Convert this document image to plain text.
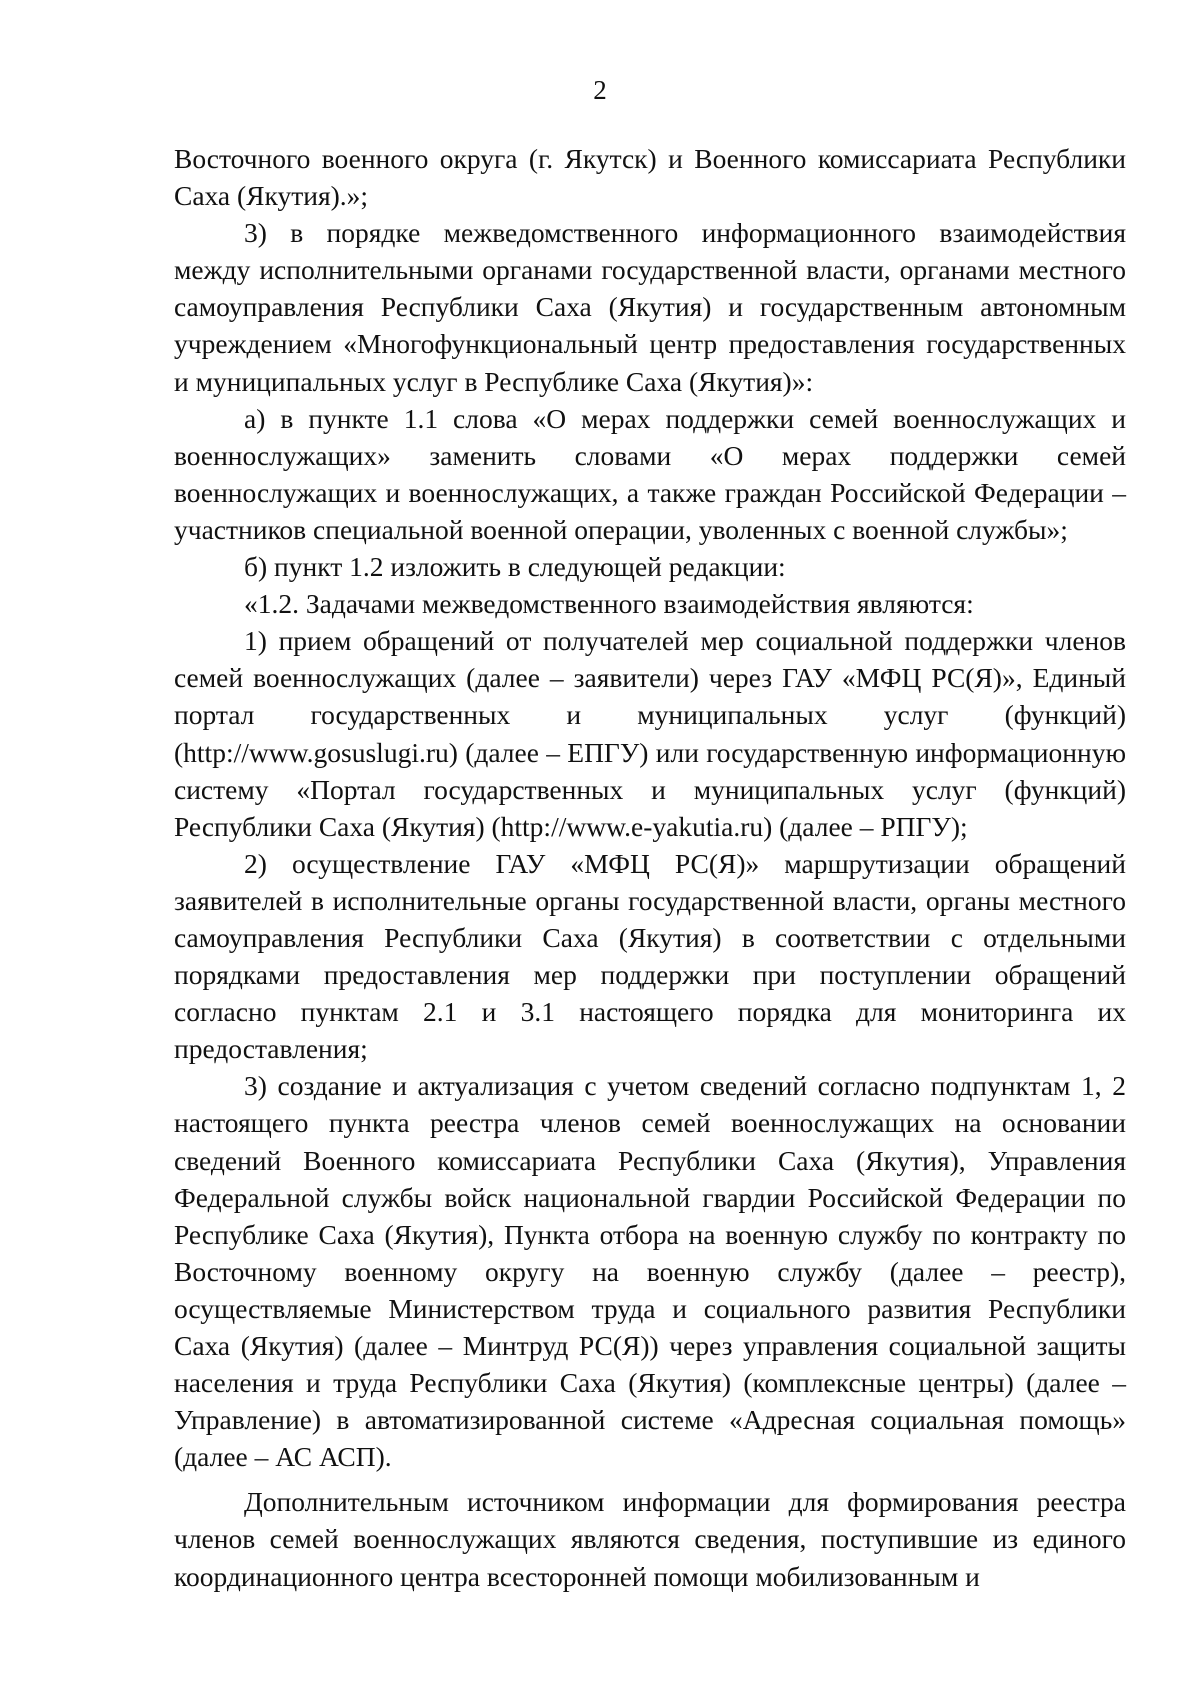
2

Восточного военного округа (г. Якутск) и Военного комиссариата Республики Саха (Якутия).»;

3) в порядке межведомственного информационного взаимодействия между исполнительными органами государственной власти, органами местного самоуправления Республики Саха (Якутия) и государственным автономным учреждением «Многофункциональный центр предоставления государственных и муниципальных услуг в Республике Саха (Якутия)»:

а) в пункте 1.1 слова «О мерах поддержки семей военнослужащих и военнослужащих» заменить словами «О мерах поддержки семей военнослужащих и военнослужащих, а также граждан Российской Федерации – участников специальной военной операции, уволенных с военной службы»;

б) пункт 1.2 изложить в следующей редакции:

«1.2. Задачами межведомственного взаимодействия являются:

1) прием обращений от получателей мер социальной поддержки членов семей военнослужащих (далее – заявители) через ГАУ «МФЦ РС(Я)», Единый портал государственных и муниципальных услуг (функций) (http://www.gosuslugi.ru) (далее – ЕПГУ) или государственную информационную систему «Портал государственных и муниципальных услуг (функций) Республики Саха (Якутия) (http://www.e-yakutia.ru) (далее – РПГУ);

2) осуществление ГАУ «МФЦ РС(Я)» маршрутизации обращений заявителей в исполнительные органы государственной власти, органы местного самоуправления Республики Саха (Якутия) в соответствии с отдельными порядками предоставления мер поддержки при поступлении обращений согласно пунктам 2.1 и 3.1 настоящего порядка для мониторинга их предоставления;

3) создание и актуализация с учетом сведений согласно подпунктам 1, 2 настоящего пункта реестра членов семей военнослужащих на основании сведений Военного комиссариата Республики Саха (Якутия), Управления Федеральной службы войск национальной гвардии Российской Федерации по Республике Саха (Якутия), Пункта отбора на военную службу по контракту по Восточному военному округу на военную службу (далее – реестр), осуществляемые Министерством труда и социального развития Республики Саха (Якутия) (далее – Минтруд РС(Я)) через управления социальной защиты населения и труда Республики Саха (Якутия) (комплексные центры) (далее – Управление) в автоматизированной системе «Адресная социальная помощь» (далее – АС АСП).

Дополнительным источником информации для формирования реестра членов семей военнослужащих являются сведения, поступившие из единого координационного центра всесторонней помощи мобилизованным и
